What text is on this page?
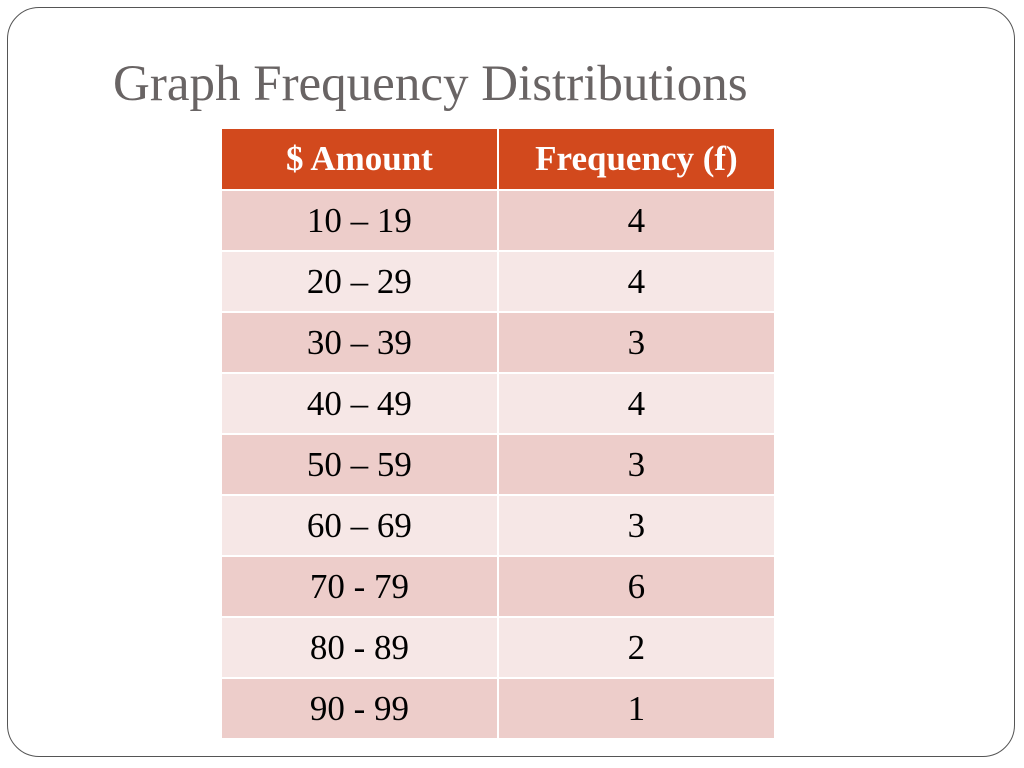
Graph Frequency Distributions
$ Amount	Frequency (f)
10 – 19	4
20 – 29	4
30 – 39	3
40 – 49	4
50 – 59	3
60 – 69	3
70 - 79	6
80 - 89	2
90 - 99	1
